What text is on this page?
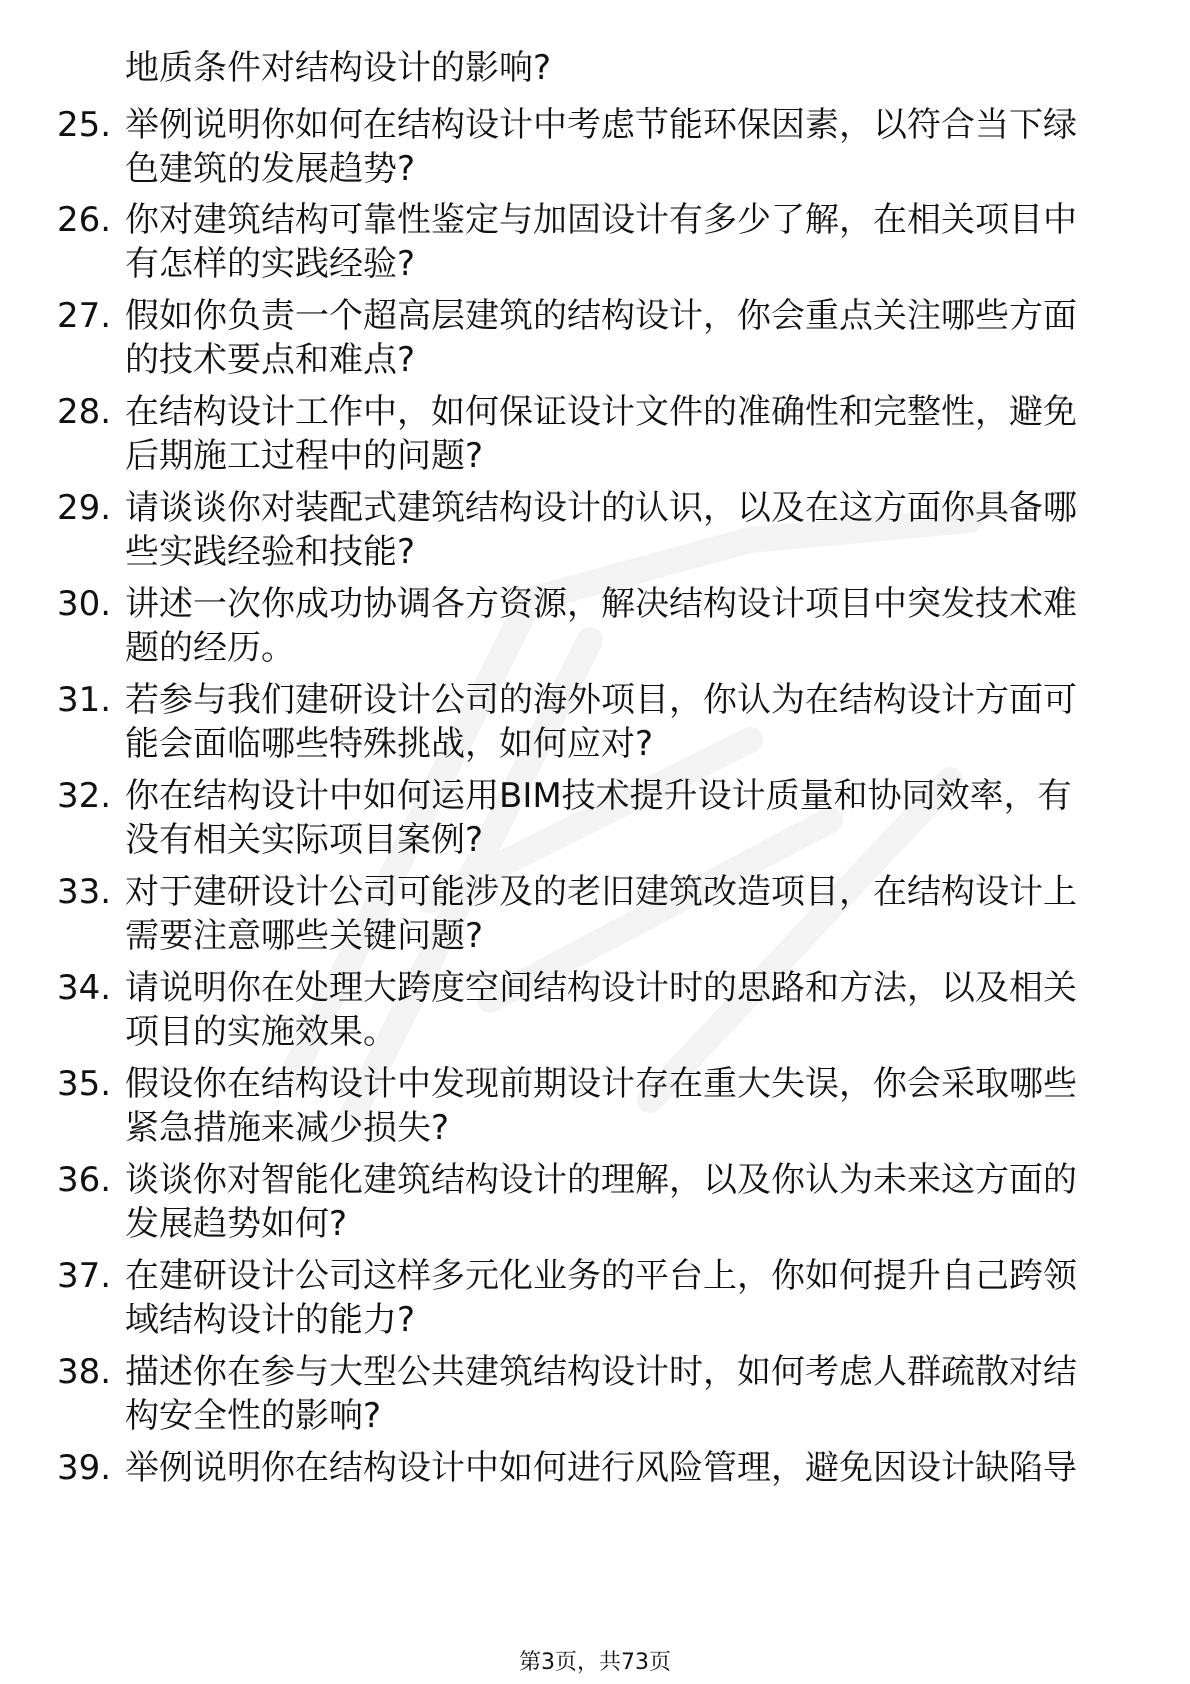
地质条件对结构设计的影响?
25. 举例说明你如何在结构设计中考虑节能环保因素，以符合当下绿
色建筑的发展趋势?
26. 你对建筑结构可靠性鉴定与加固设计有多少了解，在相关项目中
有怎样的实践经验?
27. 假如你负责一个超高层建筑的结构设计，你会重点关注哪些方面
的技术要点和难点?
28. 在结构设计工作中，如何保证设计文件的准确性和完整性，避免
后期施工过程中的问题?
29. 请谈谈你对装配式建筑结构设计的认识，以及在这方面你具备哪
些实践经验和技能?
30. 讲述一次你成功协调各方资源，解决结构设计项目中突发技术难
题的经历。
31. 若参与我们建研设计公司的海外项目，你认为在结构设计方面可
能会面临哪些特殊挑战，如何应对?
32. 你在结构设计中如何运用BIM技术提升设计质量和协同效率，有
没有相关实际项目案例?
33. 对于建研设计公司可能涉及的老旧建筑改造项目，在结构设计上
需要注意哪些关键问题?
34. 请说明你在处理大跨度空间结构设计时的思路和方法，以及相关
项目的实施效果。
35. 假设你在结构设计中发现前期设计存在重大失误，你会采取哪些
紧急措施来减少损失?
36. 谈谈你对智能化建筑结构设计的理解，以及你认为未来这方面的
发展趋势如何?
37. 在建研设计公司这样多元化业务的平台上，你如何提升自己跨领
域结构设计的能力?
38. 描述你在参与大型公共建筑结构设计时，如何考虑人群疏散对结
构安全性的影响?
39. 举例说明你在结构设计中如何进行风险管理，避免因设计缺陷导
第3页，共73页
